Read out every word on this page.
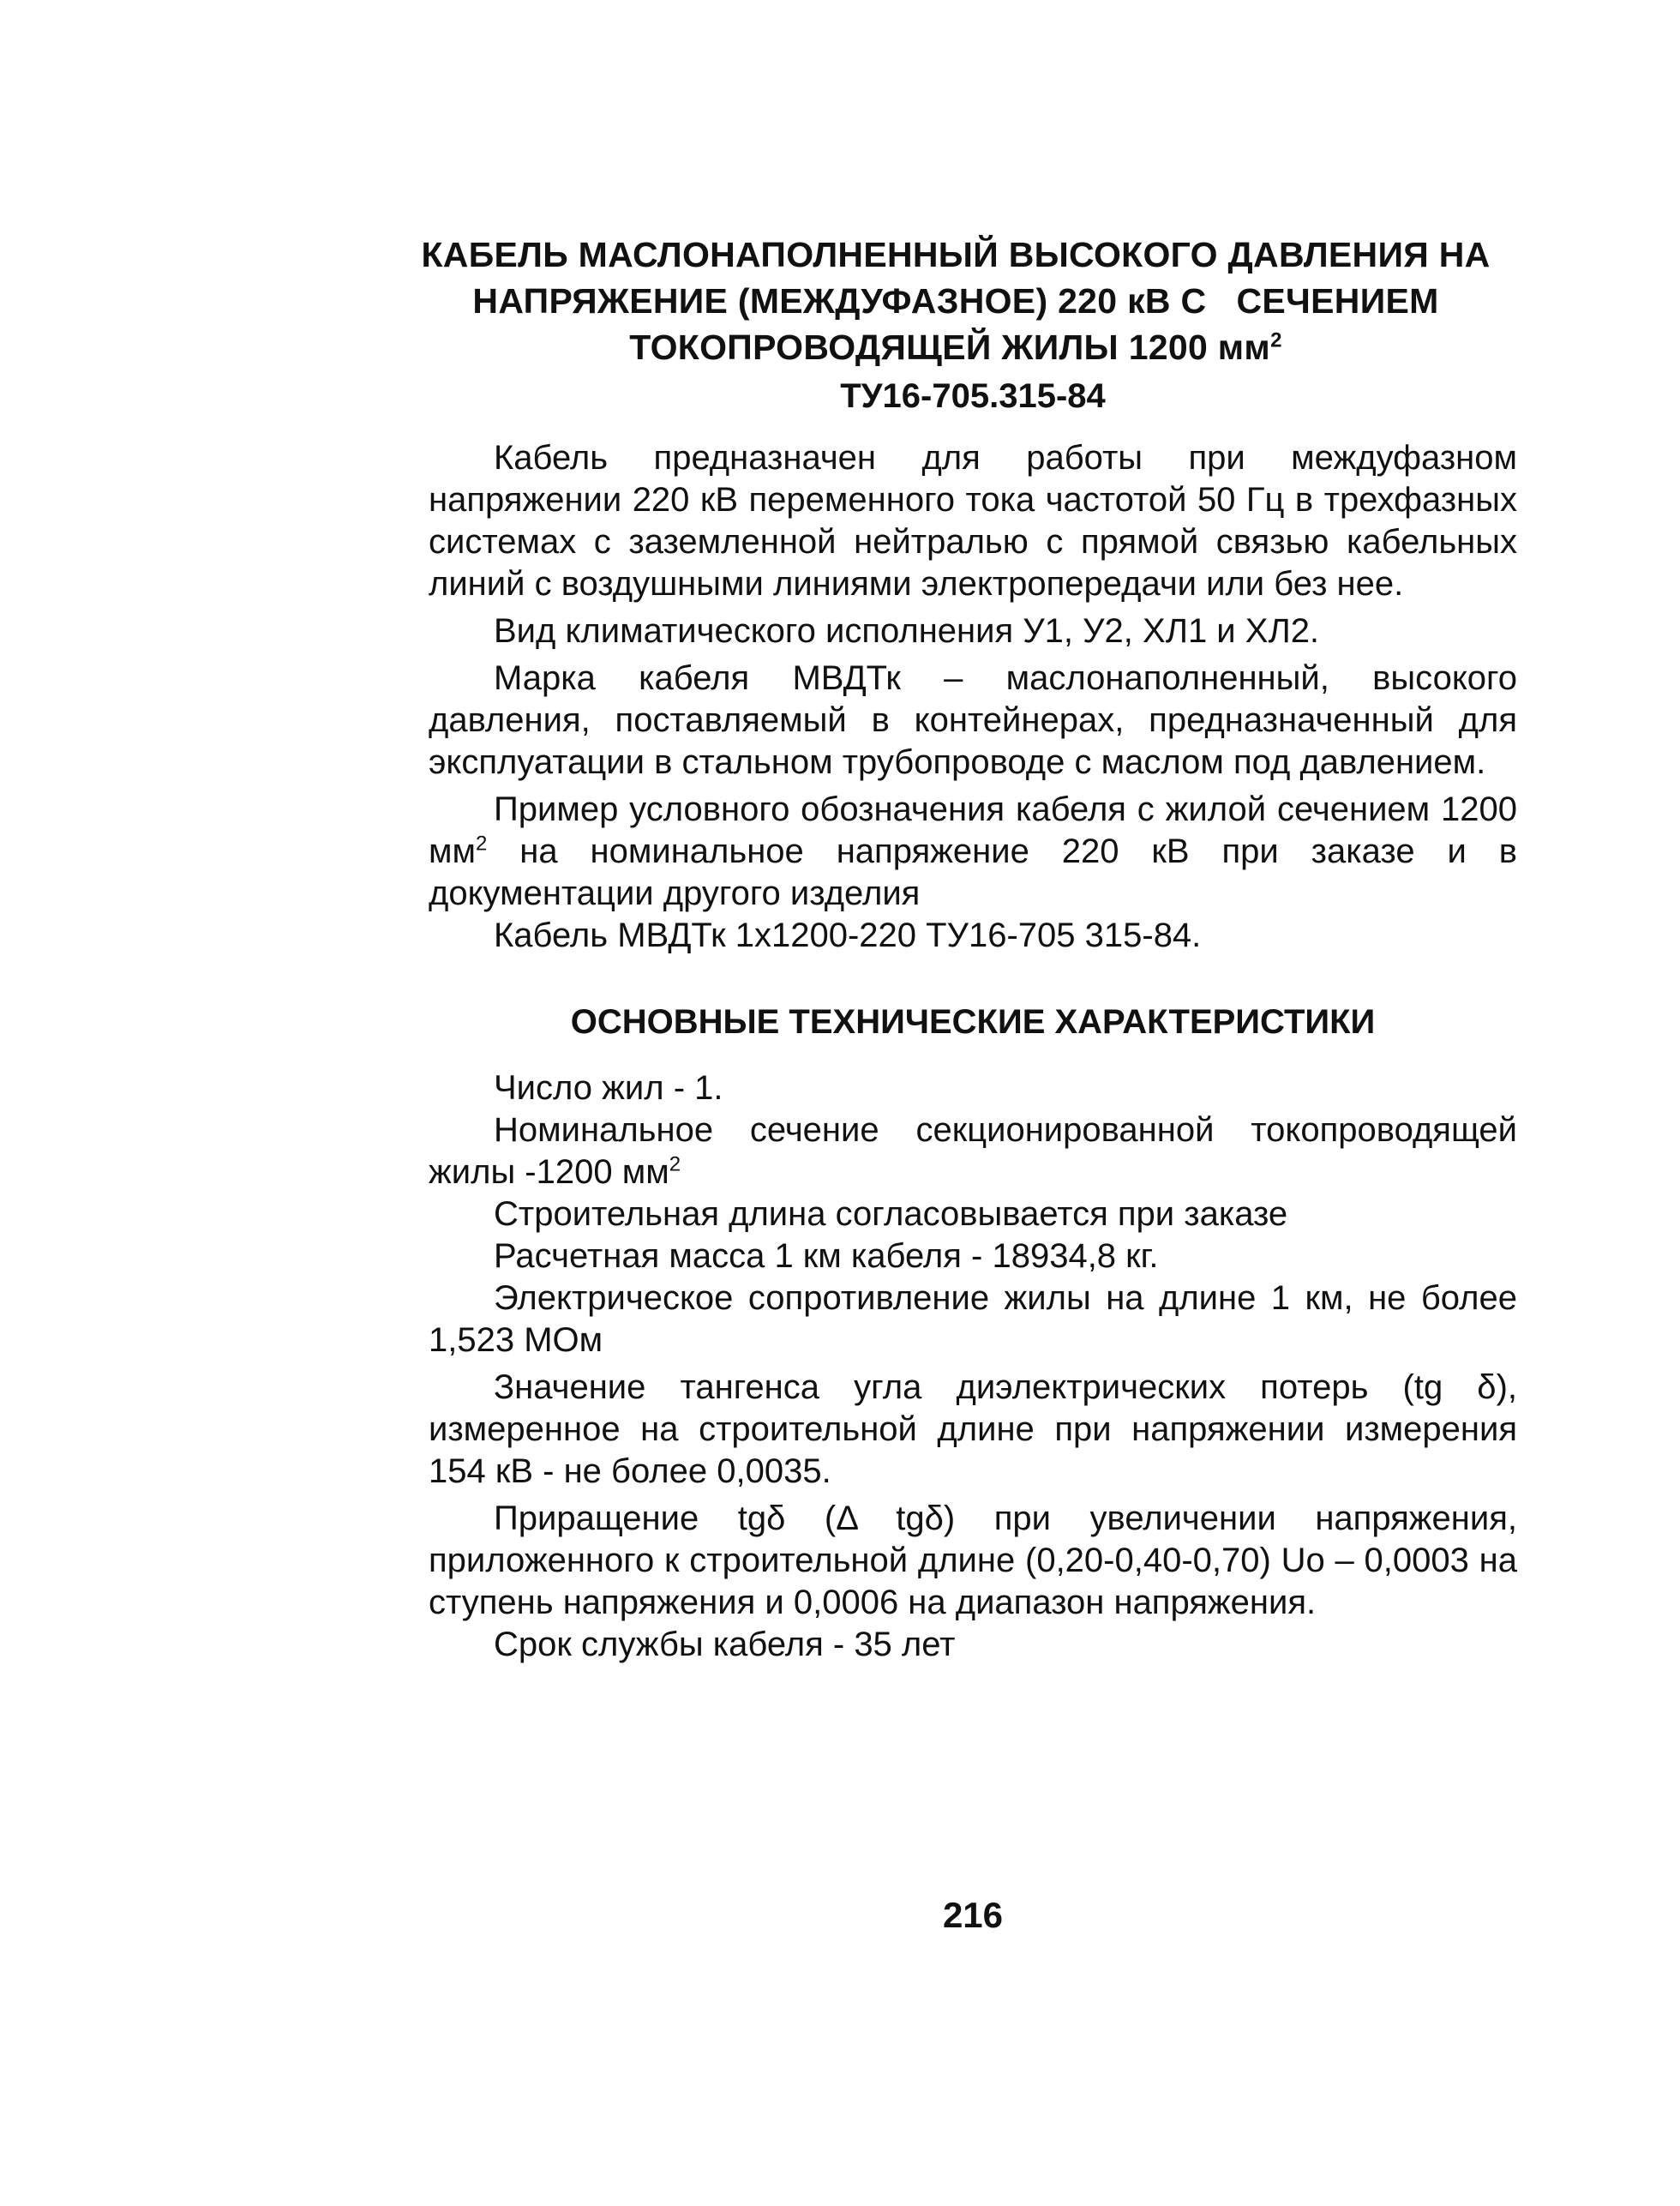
КАБЕЛЬ МАСЛОНАПОЛНЕННЫЙ ВЫСОКОГО ДАВЛЕНИЯ НА
НАПРЯЖЕНИЕ (МЕЖДУФАЗНОЕ) 220 кВ С   СЕЧЕНИЕМ
ТОКОПРОВОДЯЩЕЙ ЖИЛЫ 1200 $мм^2$
ТУ16-705.315-84

Кабель предназначен для работы при междуфазном напряжении 220 кВ переменного тока частотой 50 Гц в трехфазных системах с заземленной нейтралью с прямой связью кабельных линий с воздушными линиями электропередачи или без нее.

Вид климатического исполнения У1, У2, ХЛ1 и ХЛ2.

Марка кабеля МВДТк – маслонаполненный, высокого давления, поставляемый в контейнерах, предназначенный для эксплуатации в стальном трубопроводе с маслом под давлением.

Пример условного обозначения кабеля с жилой сечением 1200 $мм^2$ на номинальное напряжение 220 кВ при заказе и в документации другого изделия

Кабель МВДТк 1х1200-220 ТУ16-705 315-84.

ОСНОВНЫЕ ТЕХНИЧЕСКИЕ ХАРАКТЕРИСТИКИ

Число жил - 1.

Номинальное сечение секционированной токопроводящей жилы -1200 $мм^2$

Строительная длина согласовывается при заказе

Расчетная масса 1 км кабеля - 18934,8 кг.

Электрическое сопротивление жилы на длине 1 км, не более 1,523 МОм

Значение тангенса угла диэлектрических потерь (tg δ), измеренное на строительной длине при напряжении измерения 154 кВ - не более 0,0035.

Приращение tgδ (Δ tgδ) при увеличении напряжения, приложенного к строительной длине (0,20-0,40-0,70) Uo – 0,0003 на ступень напряжения и 0,0006 на диапазон напряжения.

Срок службы кабеля - 35 лет

216
